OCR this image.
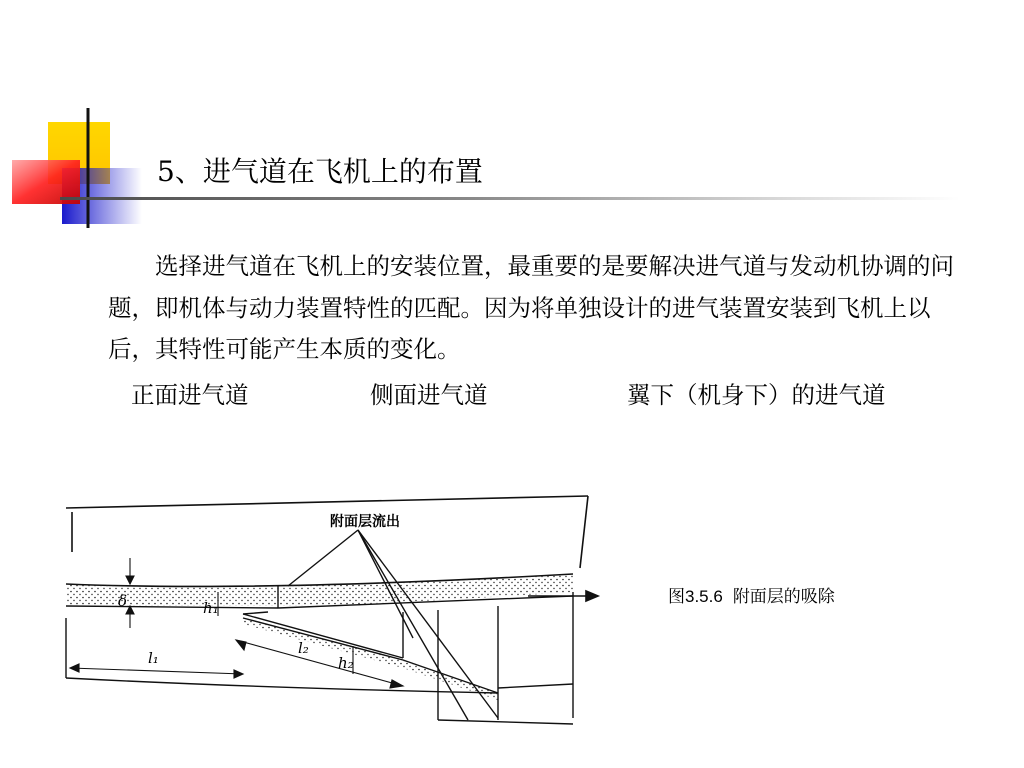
5、进气道在飞机上的布置

选择进气道在飞机上的安装位置，最重要的是要解决进气道与发动机协调的问题，即机体与动力装置特性的匹配。因为将单独设计的进气装置安装到飞机上以后，其特性可能产生本质的变化。

正面进气道	侧面进气道	翼下（机身下）的进气道
附面层流出
δ	h₁
h₂
l₁
l₂
图3.5.6 附面层的吸除
